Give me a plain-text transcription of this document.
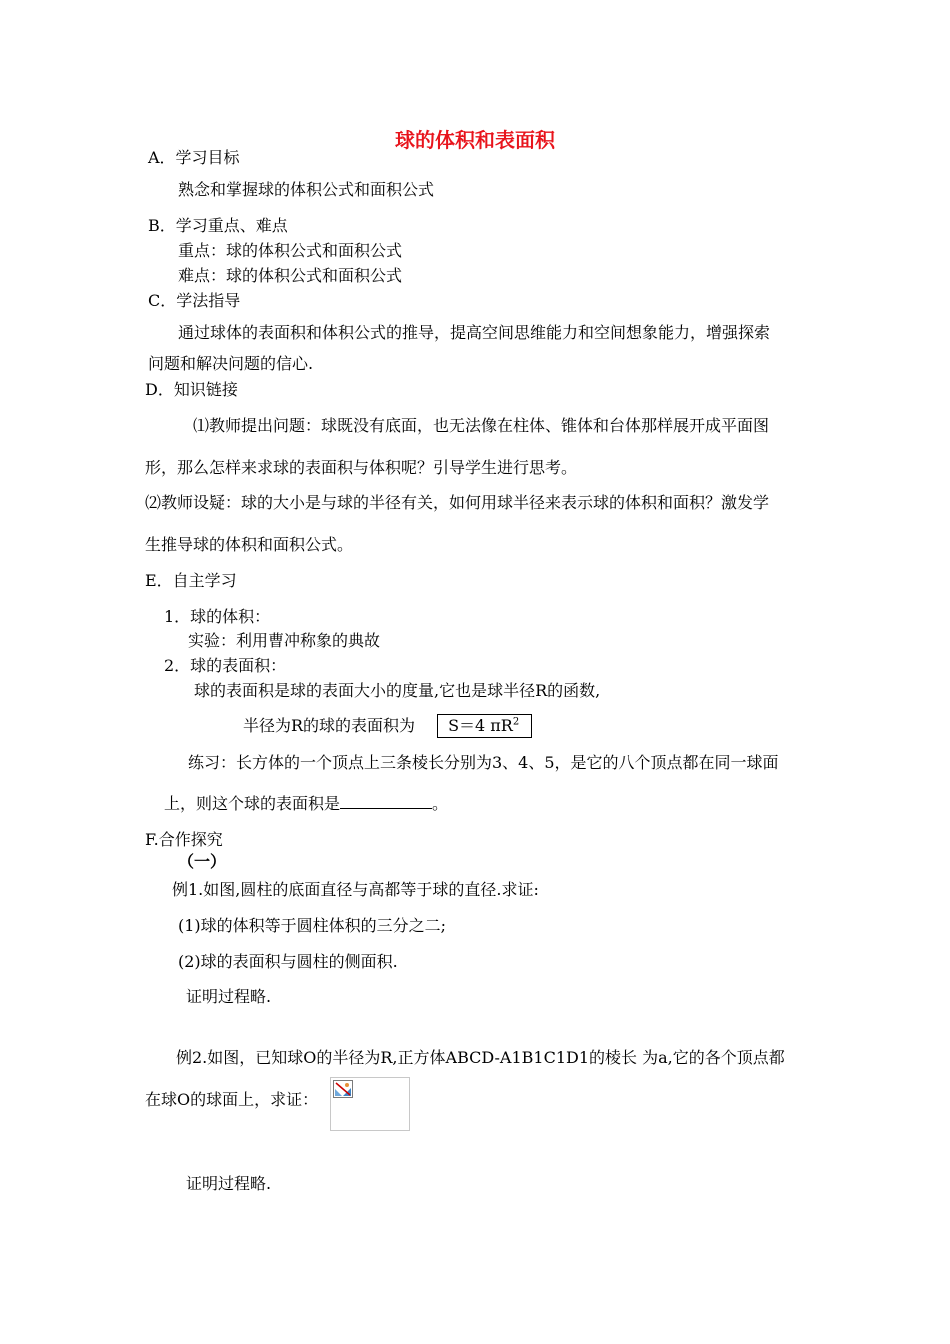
球的体积和表面积
A．学习目标
熟念和掌握球的体积公式和面积公式
B．学习重点、难点
重点：球的体积公式和面积公式
难点：球的体积公式和面积公式
C．学法指导
通过球体的表面积和体积公式的推导，提高空间思维能力和空间想象能力，增强探索
问题和解决问题的信心.
D．知识链接
⑴教师提出问题：球既没有底面，也无法像在柱体、锥体和台体那样展开成平面图
形，那么怎样来求球的表面积与体积呢？引导学生进行思考。
⑵教师设疑：球的大小是与球的半径有关，如何用球半径来表示球的体积和面积？激发学
生推导球的体积和面积公式。
E．自主学习
1．球的体积：
实验：利用曹冲称象的典故
2．球的表面积：
球的表面积是球的表面大小的度量,它也是球半径R的函数,
半径为R的球的表面积为 S＝4 $\pi R^2$
练习：长方体的一个顶点上三条棱长分别为3、4、5，是它的八个顶点都在同一球面
上，则这个球的表面积是	。
F.合作探究
（一）
例1.如图,圆柱的底面直径与高都等于球的直径.求证:
(1)球的体积等于圆柱体积的三分之二;
(2)球的表面积与圆柱的侧面积.
证明过程略.
例2.如图，已知球O的半径为R,正方体ABCD-A1B1C1D1的棱长 为a,它的各个顶点都
在球O的球面上，求证：
证明过程略.
